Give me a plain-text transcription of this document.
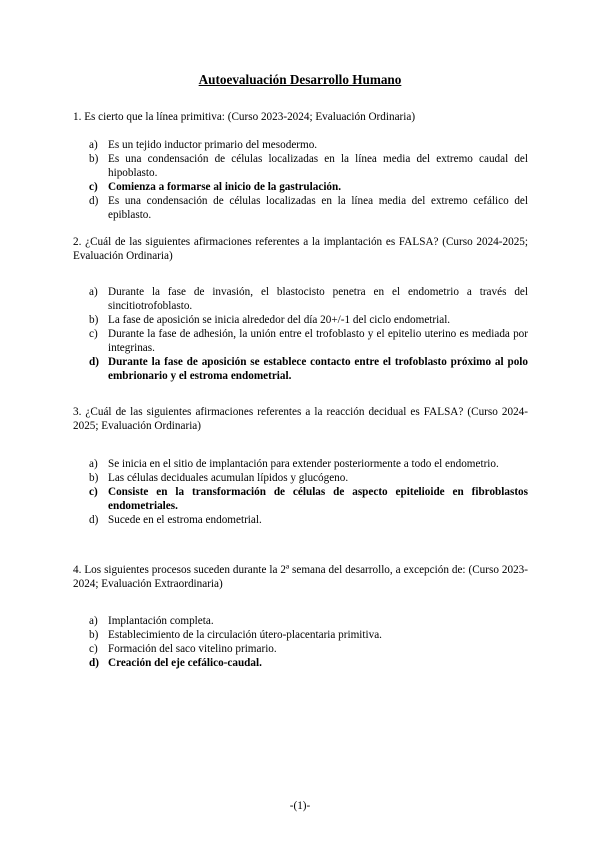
Autoevaluación Desarrollo Humano
1. Es cierto que la línea primitiva: (Curso 2023-2024; Evaluación Ordinaria)
a) Es un tejido inductor primario del mesodermo.
b) Es una condensación de células localizadas en la línea media del extremo caudal del hipoblasto.
c) Comienza a formarse al inicio de la gastrulación.
d) Es una condensación de células localizadas en la línea media del extremo cefálico del epiblasto.
2. ¿Cuál de las siguientes afirmaciones referentes a la implantación es FALSA? (Curso 2024-2025; Evaluación Ordinaria)
a) Durante la fase de invasión, el blastocisto penetra en el endometrio a través del sincitiotrofoblasto.
b) La fase de aposición se inicia alrededor del día 20+/-1 del ciclo endometrial.
c) Durante la fase de adhesión, la unión entre el trofoblasto y el epitelio uterino es mediada por integrinas.
d) Durante la fase de aposición se establece contacto entre el trofoblasto próximo al polo embrionario y el estroma endometrial.
3. ¿Cuál de las siguientes afirmaciones referentes a la reacción decidual es FALSA? (Curso 2024-2025; Evaluación Ordinaria)
a) Se inicia en el sitio de implantación para extender posteriormente a todo el endometrio.
b) Las células deciduales acumulan lípidos y glucógeno.
c) Consiste en la transformación de células de aspecto epitelioide en fibroblastos endometriales.
d) Sucede en el estroma endometrial.
4. Los siguientes procesos suceden durante la 2ª semana del desarrollo, a excepción de: (Curso 2023-2024; Evaluación Extraordinaria)
a) Implantación completa.
b) Establecimiento de la circulación útero-placentaria primitiva.
c) Formación del saco vitelino primario.
d) Creación del eje cefálico-caudal.
-(1)-
